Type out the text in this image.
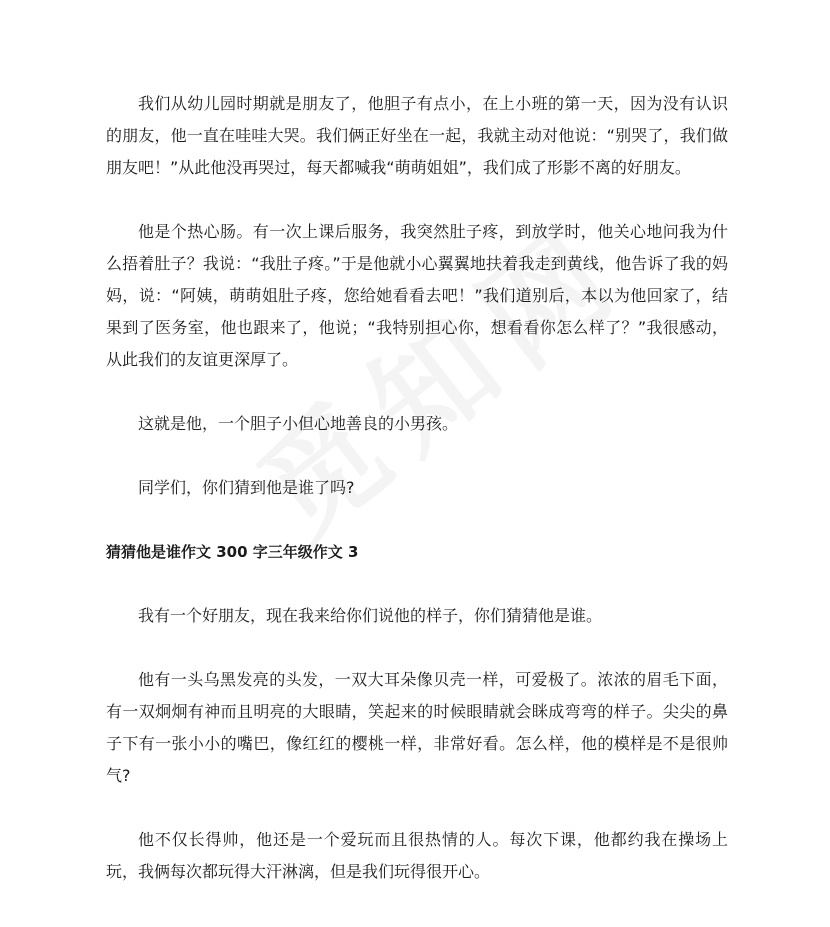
我们从幼儿园时期就是朋友了，他胆子有点小，在上小班的第一天，因为没有认识的朋友，他一直在哇哇大哭。我们俩正好坐在一起，我就主动对他说：“别哭了，我们做朋友吧！”从此他没再哭过，每天都喊我“萌萌姐姐”，我们成了形影不离的好朋友。

他是个热心肠。有一次上课后服务，我突然肚子疼，到放学时，他关心地问我为什么捂着肚子？我说：“我肚子疼。”于是他就小心翼翼地扶着我走到黄线，他告诉了我的妈妈，说：“阿姨，萌萌姐肚子疼，您给她看看去吧！”我们道别后，本以为他回家了，结果到了医务室，他也跟来了，他说；“我特别担心你，想看看你怎么样了？”我很感动，从此我们的友谊更深厚了。

这就是他，一个胆子小但心地善良的小男孩。

同学们，你们猜到他是谁了吗?

猜猜他是谁作文 300 字三年级作文 3

我有一个好朋友，现在我来给你们说他的样子，你们猜猜他是谁。

他有一头乌黑发亮的头发，一双大耳朵像贝壳一样，可爱极了。浓浓的眉毛下面，有一双炯炯有神而且明亮的大眼睛，笑起来的时候眼睛就会眯成弯弯的样子。尖尖的鼻子下有一张小小的嘴巴，像红红的樱桃一样，非常好看。怎么样，他的模样是不是很帅气?

他不仅长得帅，他还是一个爱玩而且很热情的人。每次下课，他都约我在操场上玩，我俩每次都玩得大汗淋漓，但是我们玩得很开心。
